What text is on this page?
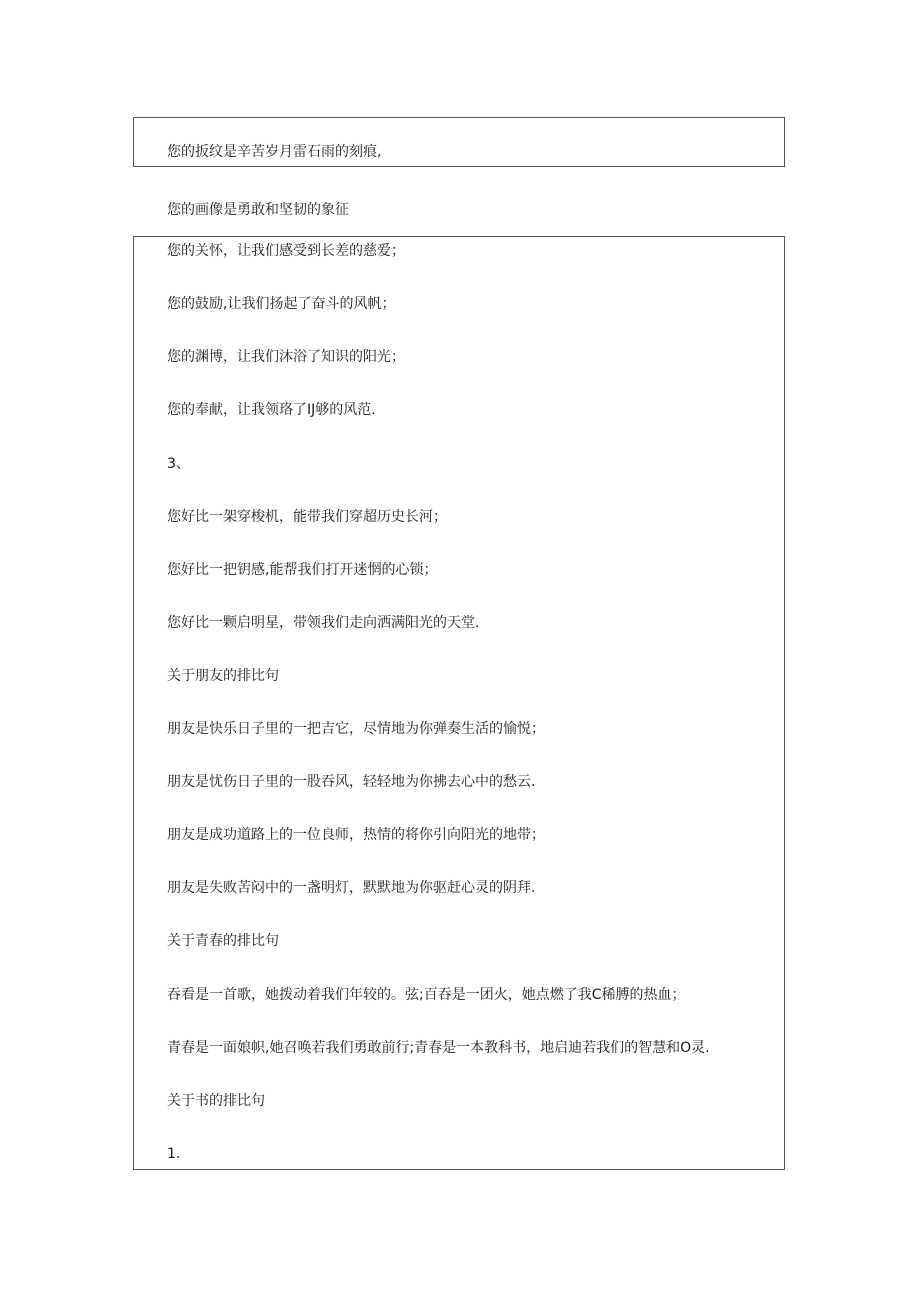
您的扳纹是辛苦岁月雷石雨的刻痕,
您的画像是勇敢和坚韧的象征
您的关怀，让我们感受到长差的慈爱；
您的鼓励,让我们扬起了奋斗的风帆；
您的渊博，让我们沐浴了知识的阳光；
您的奉献，让我领珞了IJ够的风范.
3、
您好比一架穿梭机，能带我们穿超历史长河；
您好比一把钥感,能帮我们打开迷惘的心锁；
您好比一颗启明星，带领我们走向洒满阳光的天堂.
关于朋友的排比句
朋友是快乐日子里的一把吉它，尽情地为你弹奏生活的愉悦；
朋友是忧伤日子里的一股吞风，轻轻地为你拂去心中的愁云.
朋友是成功道路上的一位良师，热情的将你引向阳光的地带；
朋友是失败苦闷中的一盏明灯，默默地为你驱赶心灵的阴拜.
关于青春的排比句
吞看是一首歌，她拨动着我们年较的。弦;百吞是一团火，她点燃了我C稀膊的热血；
青春是一面娘帜,她召唤若我们勇敢前行;青春是一本教科书，地启迪若我们的智慧和O灵.
关于书的排比句
1.
